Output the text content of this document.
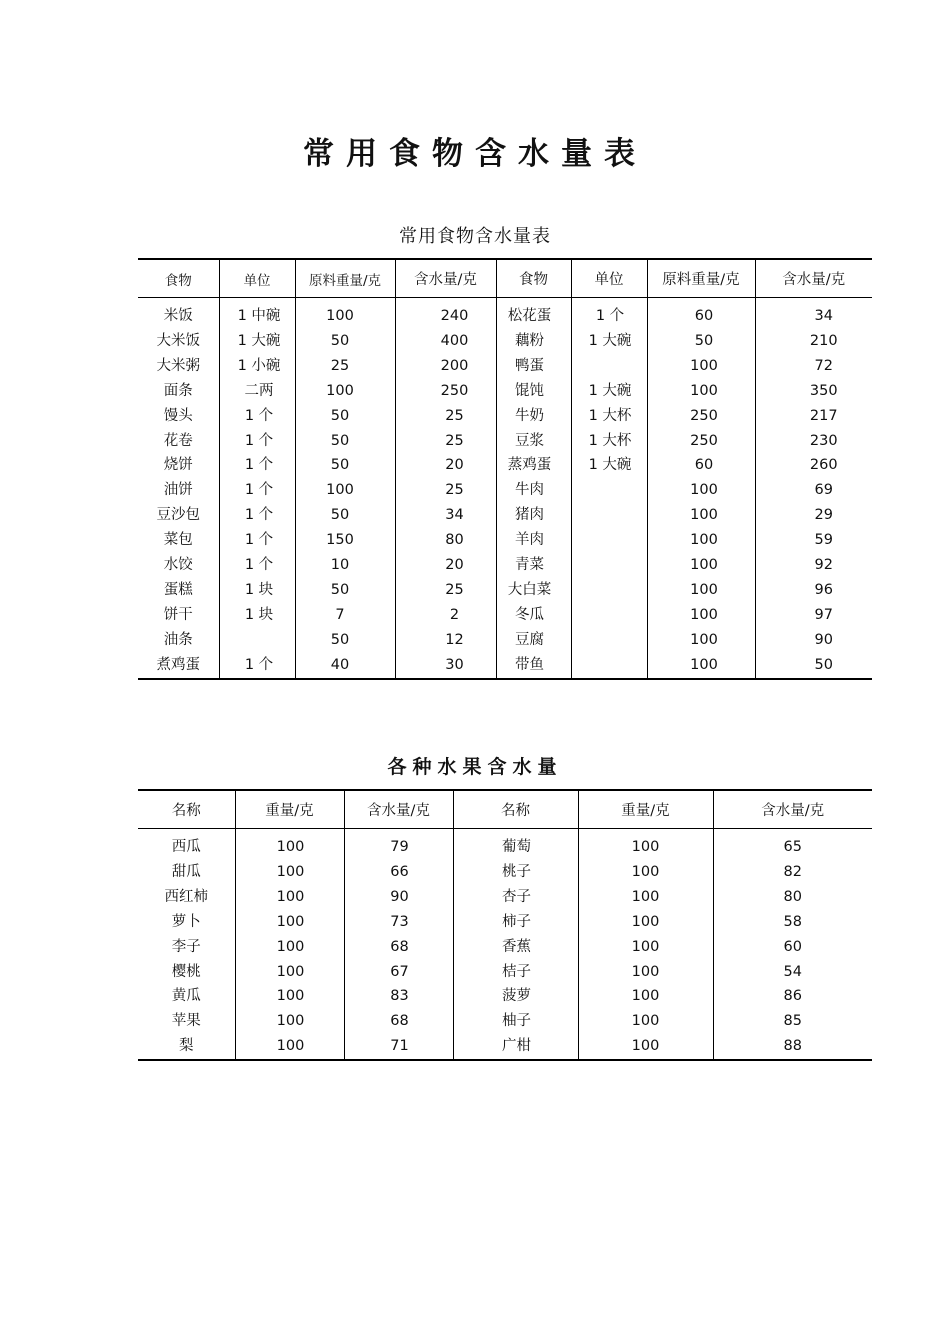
常用食物含水量表
常用食物含水量表
食物	单位	原料重量/克	含水量/克	食物	单位	原料重量/克	含水量/克

米饭	1 中碗	100	240	松花蛋	1 个	60	34
大米饭	1 大碗	50	400	藕粉	1 大碗	50	210
大米粥	1 小碗	25	200	鸭蛋		100	72
面条	二两	100	250	馄饨	1 大碗	100	350
馒头	1 个	50	25	牛奶	1 大杯	250	217
花卷	1 个	50	25	豆浆	1 大杯	250	230
烧饼	1 个	50	20	蒸鸡蛋	1 大碗	60	260
油饼	1 个	100	25	牛肉		100	69
豆沙包	1 个	50	34	猪肉		100	29
菜包	1 个	150	80	羊肉		100	59
水饺	1 个	10	20	青菜		100	92
蛋糕	1 块	50	25	大白菜		100	96
饼干	1 块	7	2	冬瓜		100	97
油条		50	12	豆腐		100	90
煮鸡蛋	1 个	40	30	带鱼		100	50
各种水果含水量
名称	重量/克	含水量/克	名称	重量/克	含水量/克

西瓜	100	79	葡萄	100	65
甜瓜	100	66	桃子	100	82
西红柿	100	90	杏子	100	80
萝卜	100	73	柿子	100	58
李子	100	68	香蕉	100	60
樱桃	100	67	桔子	100	54
黄瓜	100	83	菠萝	100	86
苹果	100	68	柚子	100	85
梨	100	71	广柑	100	88
